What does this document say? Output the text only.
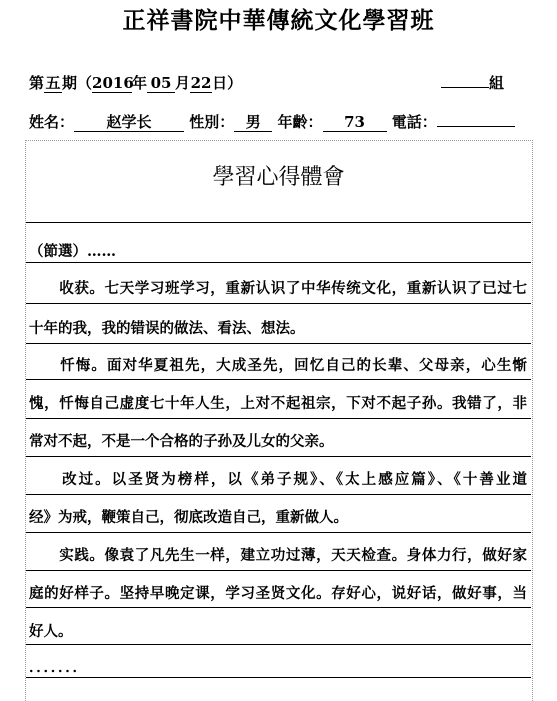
正祥書院中華傳統文化學習班
第五 期（2016年 05 月22日）	組
姓名： 赵学长	性別： 男 年齡： 73 電話：
學習心得體會
（節選）……
　　收获。七天学习班学习，重新认识了中华传统文化，重新认识了已过七
十年的我，我的错误的做法、看法、想法。
　　忏悔。面对华夏祖先，大成圣先，回忆自己的长辈、父母亲，心生惭
愧，忏悔自己虚度七十年人生，上对不起祖宗，下对不起子孙。我错了，非
常对不起，不是一个合格的子孙及儿女的父亲。
　　改过。以圣贤为榜样，以《弟子规》、《太上感应篇》、《十善业道
经》为戒，鞭策自己，彻底改造自己，重新做人。
　　实践。像袁了凡先生一样，建立功过薄，天天检查。身体力行，做好家
庭的好样子。坚持早晚定课，学习圣贤文化。存好心，说好话，做好事，当
好人。
．．．．．．．
